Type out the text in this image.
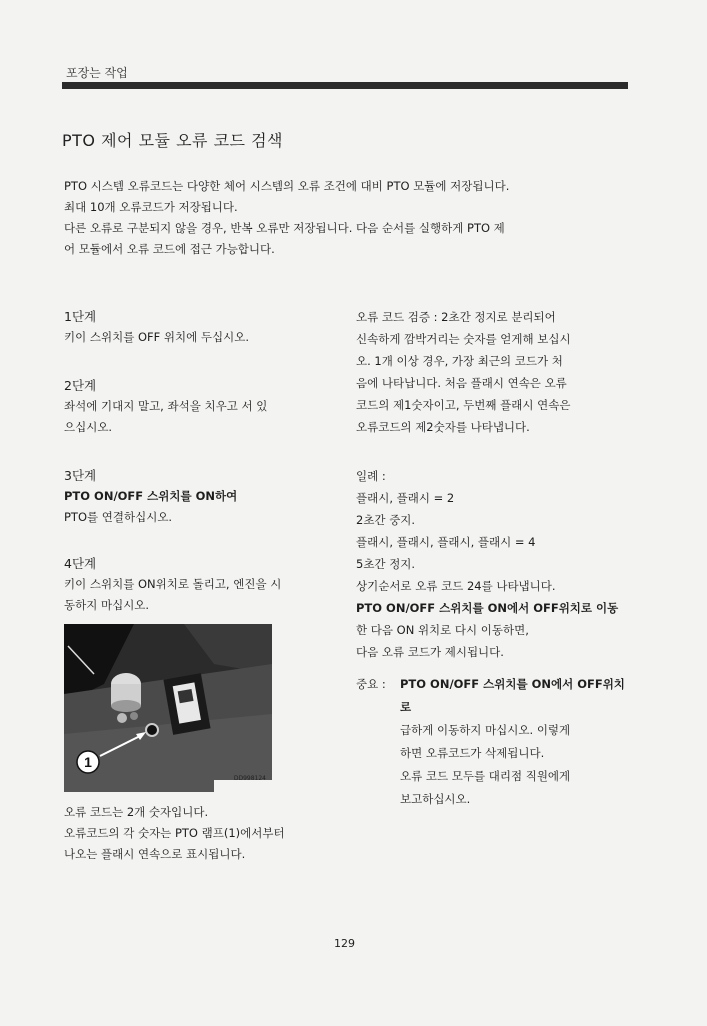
포장는 작업
PTO 제어 모듈 오류 코드 검색

PTO 시스템 오류코드는 다양한 체어 시스템의 오류 조건에 대비 PTO 모듈에 저장됩니다.

최대 10개 오류코드가 저장됩니다.

다른 오류로 구분되지 않을 경우, 반복 오류만 저장됩니다. 다음 순서를 실행하게 PTO 제

어 모듈에서 오류 코드에 접근 가능합니다.

1단계

키이 스위치를 OFF 위치에 두십시오.

2단계

좌석에 기대지 말고, 좌석을 치우고 서 있

으십시오.

3단계

PTO ON/OFF 스위치를 ON하여

PTO를 연결하십시오.

4단계

키이 스위치를 ON위치로 돌리고, 엔진을 시

동하지 마십시오.

1
DD998124

오류 코드는 2개 숫자입니다.

오류코드의 각 숫자는 PTO 램프(1)에서부터

나오는 플래시 연속으로 표시됩니다.

오류 코드 검증 : 2초간 정지로 분리되어

신속하게 깜박거리는 숫자를 얻게해 보십시

오. 1개 이상 경우, 가장 최근의 코드가 처

음에 나타납니다. 처음 플래시 연속은 오류

코드의 제1숫자이고, 두번째 플래시 연속은

오류코드의 제2숫자를 나타냅니다.

일례 :

플래시, 플래시 = 2

2초간 중지.

플래시, 플래시, 플래시, 플래시 = 4

5초간 정지.

상기순서로 오류 코드 24를 나타냅니다.

PTO ON/OFF 스위치를 ON에서 OFF위치로 이동

한 다음 ON 위치로 다시 이동하면,

다음 오류 코드가 제시됩니다.

중요 :	PTO ON/OFF 스위치를 ON에서 OFF위치로

급하게 이동하지 마십시오. 이렇게

하면 오류코드가 삭제됩니다.

오류 코드 모두를 대리점 직원에게

보고하십시오.

129
